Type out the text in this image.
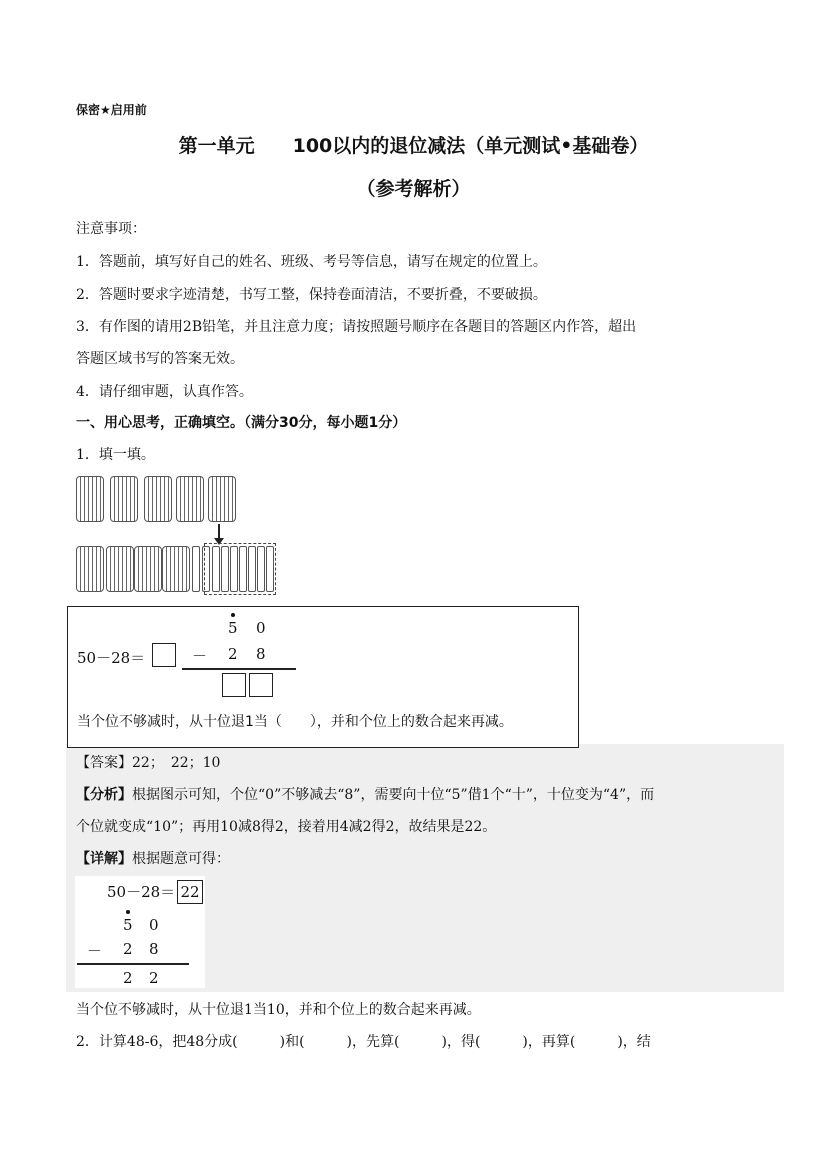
保密★启用前
第一单元　　100以内的退位减法（单元测试•基础卷）
（参考解析）
注意事项：
1．答题前，填写好自己的姓名、班级、考号等信息，请写在规定的位置上。
2．答题时要求字迹清楚，书写工整，保持卷面清洁，不要折叠，不要破损。
3．有作图的请用2B铅笔，并且注意力度；请按照题号顺序在各题目的答题区内作答，超出
答题区域书写的答案无效。
4．请仔细审题，认真作答。
一、用心思考，正确填空。（满分30分，每小题1分）
1．填一填。
50－28＝
5 0
－ 2 8
当个位不够减时，从十位退1当（　　），并和个位上的数合起来再减。
【答案】22；　22；10
【分析】根据图示可知，个位“0”不够减去“8”，需要向十位“5”借1个“十”，十位变为“4”，而
个位就变成“10”；再用10减8得2，接着用4减2得2，故结果是22。
【详解】根据题意可得：
50－28＝ 22
5 0
－ 2 8
2 2
当个位不够减时，从十位退1当10，并和个位上的数合起来再减。
2．计算48-6，把48分成(　　　)和(　　　)，先算(　　　)，得(　　　)，再算(　　　)，结
